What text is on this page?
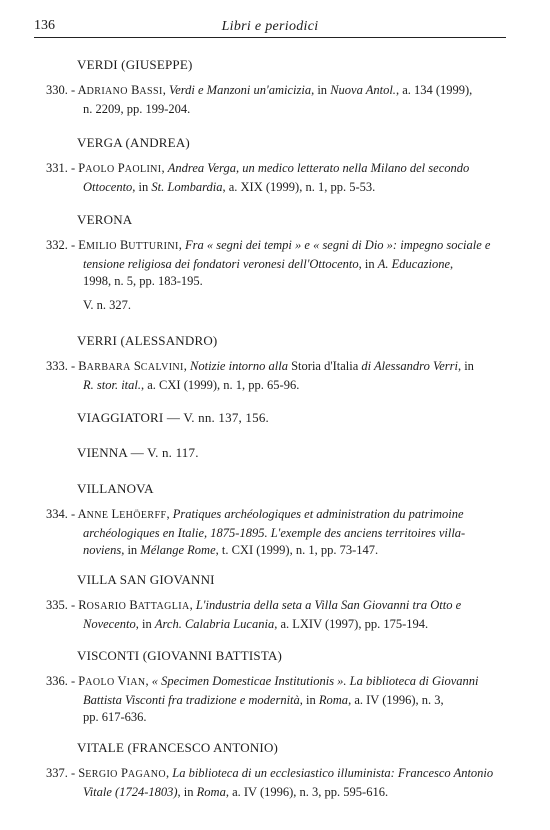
136	Libri e periodici
VERDI (GIUSEPPE)
330. - ADRIANO BASSI, Verdi e Manzoni un'amicizia, in Nuova Antol., a. 134 (1999),
n. 2209, pp. 199-204.
VERGA (ANDREA)
331. - PAOLO PAOLINI, Andrea Verga, un medico letterato nella Milano del secondo
Ottocento, in St. Lombardia, a. XIX (1999), n. 1, pp. 5-53.
VERONA
332. - EMILIO BUTTURINI, Fra « segni dei tempi » e « segni di Dio »: impegno sociale e
tensione religiosa dei fondatori veronesi dell'Ottocento, in A. Educazione,
1998, n. 5, pp. 183-195.
V. n. 327.
VERRI (ALESSANDRO)
333. - BARBARA SCALVINI, Notizie intorno alla Storia d'Italia di Alessandro Verri, in
R. stor. ital., a. CXI (1999), n. 1, pp. 65-96.
VIAGGIATORI — V. nn. 137, 156.
VIENNA — V. n. 117.
VILLANOVA
334. - ANNE LEHÖERFF, Pratiques archéologiques et administration du patrimoine
archéologiques en Italie, 1875-1895. L'exemple des anciens territoires villa-
noviens, in Mélange Rome, t. CXI (1999), n. 1, pp. 73-147.
VILLA SAN GIOVANNI
335. - ROSARIO BATTAGLIA, L'industria della seta a Villa San Giovanni tra Otto e
Novecento, in Arch. Calabria Lucania, a. LXIV (1997), pp. 175-194.
VISCONTI (GIOVANNI BATTISTA)
336. - PAOLO VIAN, « Specimen Domesticae Institutionis ». La biblioteca di Giovanni
Battista Visconti fra tradizione e modernità, in Roma, a. IV (1996), n. 3,
pp. 617-636.
VITALE (FRANCESCO ANTONIO)
337. - SERGIO PAGANO, La biblioteca di un ecclesiastico illuminista: Francesco Antonio
Vitale (1724-1803), in Roma, a. IV (1996), n. 3, pp. 595-616.
